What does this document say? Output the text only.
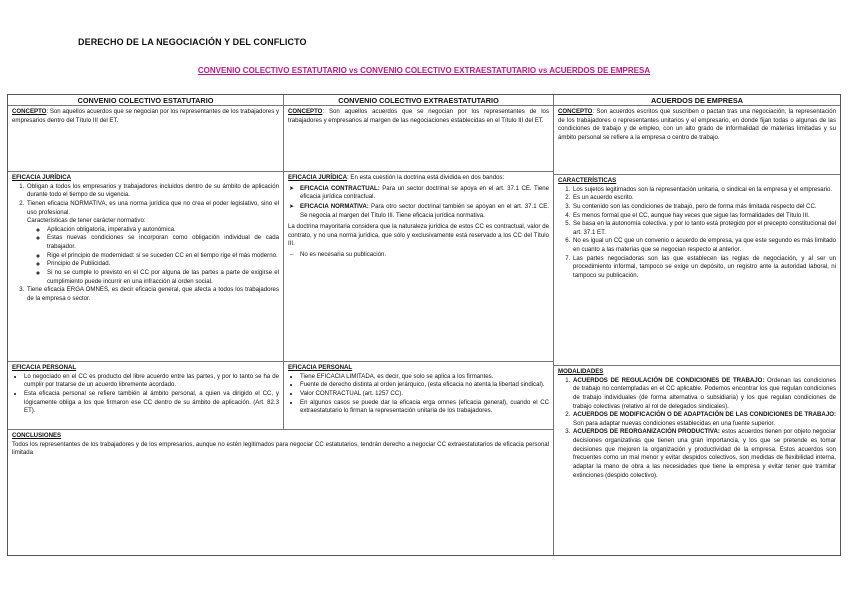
DERECHO DE LA NEGOCIACIÓN Y DEL CONFLICTO
CONVENIO COLECTIVO ESTATUTARIO vs CONVENIO COLECTIVO EXTRAESTATUTARIO vs ACUERDOS DE EMPRESA
CONVENIO COLECTIVO ESTATUTARIO	CONVENIO COLECTIVO EXTRAESTATUTARIO	ACUERDOS DE EMPRESA
CONCEPTO: Son aquellos acuerdos que se negocian por los representantes de los trabajadores y empresarios dentro del Título III del ET.
CONCEPTO: Son aquellos acuerdos que se negocian por los representantes de los trabajadores y empresarios al margen de las negociaciones establecidas en el Título III del ET.
CONCEPTO: Son acuerdos escritos que suscriben o pactan tras una negociación, la representación de los trabajadores o representantes unitarios y el empresario, en donde fijan todas o algunas de las condiciones de trabajo y de empleo, con un alto grado de informalidad de materias limitadas y su ámbito personal se refiere a la empresa o centro de trabajo.
EFICACIA JURÍDICA
1. Obligan a todos los empresarios y trabajadores incluidos dentro de su ámbito de aplicación durante todo el tiempo de su vigencia.
2. Tienen eficacia NORMATIVA, es una norma jurídica que no crea el poder legislativo, sino el uso profesional.
Características de tener carácter normativo:
◦ Aplicación obligatoria, imperativa y autonómica.
◦ Estas nuevas condiciones se incorporan como obligación individual de cada trabajador.
◦ Rige el principio de modernidad: si se suceden CC en el tiempo rige el más moderno.
◦ Principio de Publicidad.
◦ Si no se cumple lo previsto en el CC por alguna de las partes a parte de exigirse el cumplimiento puede incurrir en una infracción al orden social.
3. Tiene eficacia ERGA OMNES, es decir eficacia general, que afecta a todos los trabajadores de la empresa o sector.
EFICACIA JURÍDICA: En esta cuestión la doctrina está dividida en dos bandos:
➤ EFICACIA CONTRACTUAL: Para un sector doctrinal se apoya en el art. 37.1 CE. Tiene eficacia jurídica contractual.
➤ EFICACIA NORMATIVA: Para otro sector doctrinal también se apoyan en el art. 37.1 CE. Se negocia al margen del Título III. Tiene eficacia jurídica normativa.

La doctrina mayoritaria considera que la naturaleza jurídica de estos CC es contractual, valor de contrato, y no una norma jurídica, que sólo y exclusivamente está reservado a los CC del Título III.

– No es necesaria su publicación.
CARACTERÍSTICAS
1. Los sujetos legitimados son la representación unitaria, o sindical en la empresa y el empresario.
2. Es un acuerdo escrito.
3. Su contenido son las condiciones de trabajo, pero de forma más limitada respecto del CC.
4. Es menos formal que el CC, aunque hay veces que sigue las formalidades del Título III.
5. Se basa en la autonomía colectiva, y por lo tanto está protegido por el precepto constitucional del art. 37.1 ET.
6. No es igual un CC que un convenio o acuerdo de empresa, ya que este segundo es más limitado en cuanto a las materias que se negocian respecto al anterior.
7. Las partes negociadoras son las que establecen las reglas de negociación, y al ser un procedimiento informal, tampoco se exige un depósito, un registro ante la autoridad laboral, ni tampoco su publicación.
EFICACIA PERSONAL
• Lo negociado en el CC es producto del libre acuerdo entre las partes, y por lo tanto se ha de cumplir por tratarse de un acuerdo libremente acordado.
• Esta eficacia personal se refiere también al ámbito personal, a quien va dirigido el CC, y lógicamente obliga a los que firmaron ese CC dentro de su ámbito de aplicación. (Art. 82.3 ET).
EFICACIA PERSONAL
• Tiene EFICACIA LIMITADA, es decir, que solo se aplica a los firmantes.
• Fuente de derecho distinta al orden jerárquico, (esta eficacia no atenta la libertad sindical).
• Valor CONTRACTUAL (art. 1257 CC).
• En algunos casos se puede dar la eficacia erga omnes (eficacia general), cuando el CC extraestatutario lo firman la representación unitaria de los trabajadores.
CONCLUSIONES
Todos los representantes de los trabajadores y de los empresarios, aunque no estén legitimados para negociar CC estatutarios, tendrán derecho a negociar CC extraestatutarios de eficacia personal limitada
MODALIDADES
1. ACUERDOS DE REGULACIÓN DE CONDICIONES DE TRABAJO: Ordenan las condiciones de trabajo no contempladas en el CC aplicable. Podemos encontrar los que regulan condiciones de trabajo individuales (de forma alternativa o subsidiaria) y los que regulan condiciones de trabajo colectivas (relativo al rol de delegados sindicales).
2. ACUERDOS DE MODIFICACIÓN O DE ADAPTACIÓN DE LAS CONDICIONES DE TRABAJO: Son para adaptar nuevas condiciones establecidas en una fuente superior.
3. ACUERDOS DE REORGANIZACIÓN PRODUCTIVA: estos acuerdos tienen por objeto negociar decisiones organizativas que tienen una gran importancia, y los que se pretende es tomar decisiones que mejoren la organización y productividad de la empresa. Estos acuerdos son frecuentes como un mal menor y evitar despidos colectivos, son medidas de flexibilidad interna, adaptar la mano de obra a las necesidades que tiene la empresa y evitar tener que tramitar extinciones (despido colectivo).
